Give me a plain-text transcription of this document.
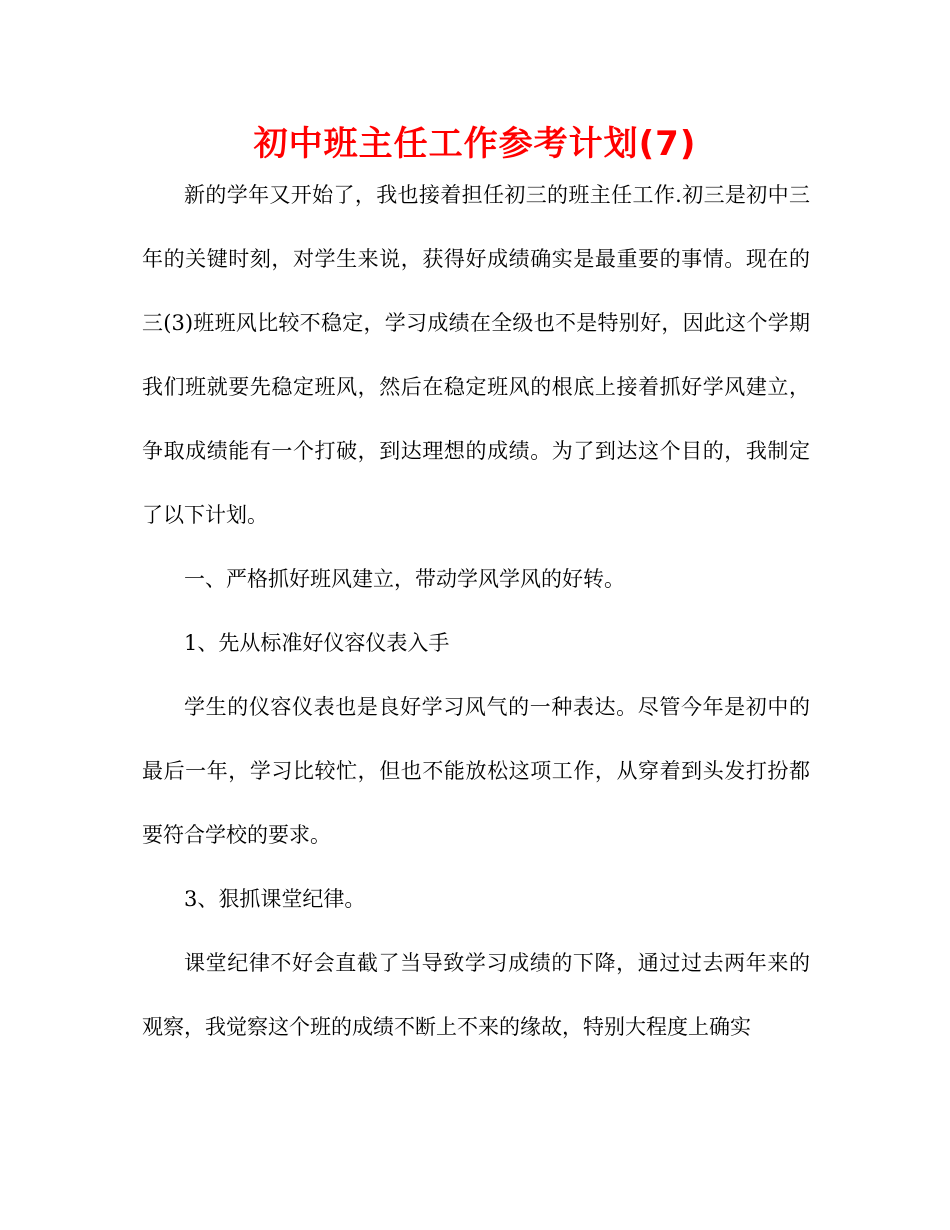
初中班主任工作参考计划(7)

新的学年又开始了，我也接着担任初三的班主任工作.初三是初中三年的关键时刻，对学生来说，获得好成绩确实是最重要的事情。现在的三(3)班班风比较不稳定，学习成绩在全级也不是特别好，因此这个学期我们班就要先稳定班风，然后在稳定班风的根底上接着抓好学风建立，争取成绩能有一个打破，到达理想的成绩。为了到达这个目的，我制定了以下计划。

一、严格抓好班风建立，带动学风学风的好转。

1、先从标准好仪容仪表入手

学生的仪容仪表也是良好学习风气的一种表达。尽管今年是初中的最后一年，学习比较忙，但也不能放松这项工作，从穿着到头发打扮都要符合学校的要求。

3、狠抓课堂纪律。

课堂纪律不好会直截了当导致学习成绩的下降，通过过去两年来的观察，我觉察这个班的成绩不断上不来的缘故，特别大程度上确实
